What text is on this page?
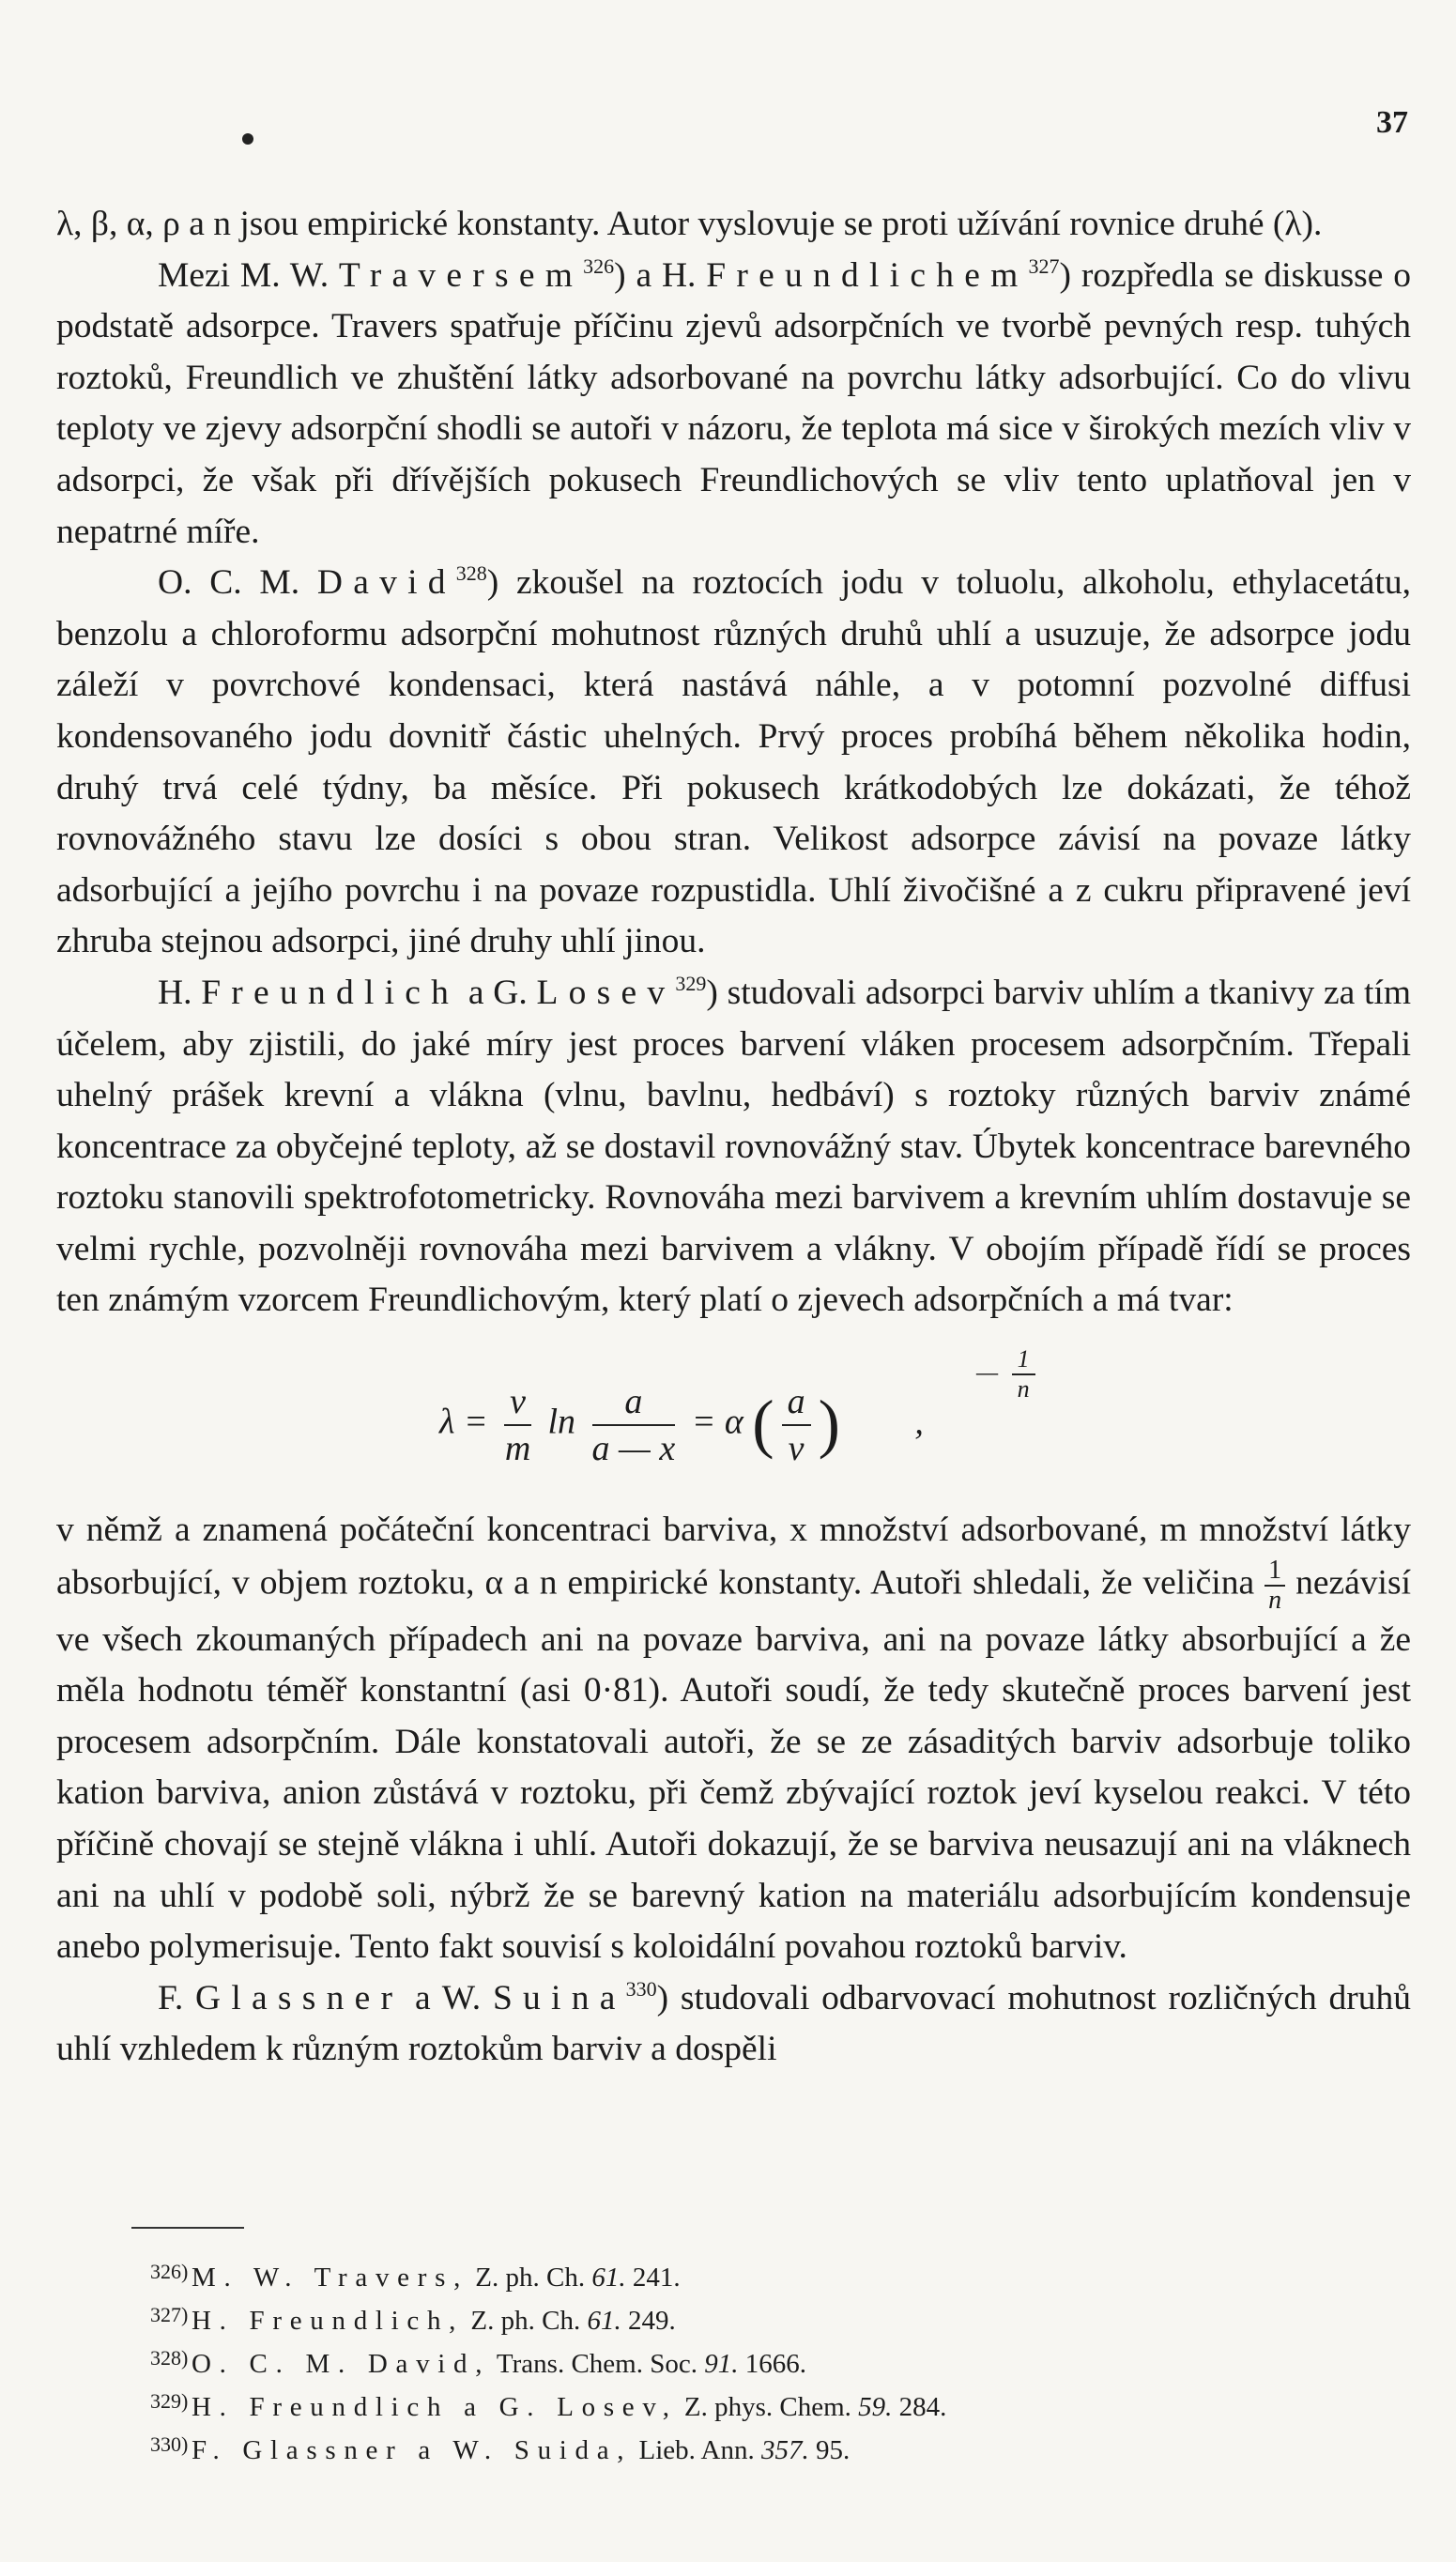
37

λ, β, α, ρ a n jsou empirické konstanty. Autor vyslovuje se proti užívání rovnice druhé (λ).

Mezi M. W. Traversem$^{326}$) a H. Freundlichem$^{327}$) rozpředla se diskusse o podstatě adsorpce. Travers spatřuje příčinu zjevů adsorpčních ve tvorbě pevných resp. tuhých roztoků, Freundlich ve zhuštění látky adsorbované na povrchu látky adsorbující. Co do vlivu teploty ve zjevy adsorpční shodli se autoři v názoru, že teplota má sice v širokých mezích vliv v adsorpci, že však při dřívějších pokusech Freundlichových se vliv tento uplatňoval jen v nepatrné míře.

O. C. M. David$^{328}$) zkoušel na roztocích jodu v toluolu, alkoholu, ethylacetátu, benzolu a chloroformu adsorpční mohutnost různých druhů uhlí a usuzuje, že adsorpce jodu záleží v povrchové kondensaci, která nastává náhle, a v potomní pozvolné diffusi kondensovaného jodu dovnitř částic uhelných. Prvý proces probíhá během několika hodin, druhý trvá celé týdny, ba měsíce. Při pokusech krátkodobých lze dokázati, že téhož rovnovážného stavu lze dosíci s obou stran. Velikost adsorpce závisí na povaze látky adsorbující a jejího povrchu i na povaze rozpustidla. Uhlí živočišné a z cukru připravené jeví zhruba stejnou adsorpci, jiné druhy uhlí jinou.

H. Freundlich a G. Losev$^{329}$) studovali adsorpci barviv uhlím a tkanivy za tím účelem, aby zjistili, do jaké míry jest proces barvení vláken procesem adsorpčním. Třepali uhelný prášek krevní a vlákna (vlnu, bavlnu, hedbáví) s roztoky různých barviv známé koncentrace za obyčejné teploty, až se dostavil rovnovážný stav. Úbytek koncentrace barevného roztoku stanovili spektrofotometricky. Rovnováha mezi barvivem a krevním uhlím dostavuje se velmi rychle, pozvolněji rovnováha mezi barvivem a vlákny. V obojím případě řídí se proces ten známým vzorcem Freundlichovým, který platí o zjevech adsorpčních a má tvar:

$\lambda = \frac{v}{m}$ $\ln \frac{a}{a — x} = \alpha$ ( $\frac{a}{v}$ )
— $\frac{1}{n}$
,

v němž a znamená počáteční koncentraci barviva, x množství adsorbované, m množství látky absorbující, v objem roztoku, α a n empirické konstanty. Autoři shledali, že veličina $\frac{1}{n}$ nezávisí ve všech zkoumaných případech ani na povaze barviva, ani na povaze látky absorbující a že měla hodnotu téměř konstantní (asi 0·81). Autoři soudí, že tedy skutečně proces barvení jest procesem adsorpčním. Dále konstatovali autoři, že se ze zásaditých barviv adsorbuje toliko kation barviva, anion zůstává v roztoku, při čemž zbývající roztok jeví kyselou reakci. V této příčině chovají se stejně vlákna i uhlí. Autoři dokazují, že se barviva neusazují ani na vláknech ani na uhlí v podobě soli, nýbrž že se barevný kation na materiálu adsorbujícím kondensuje anebo polymerisuje. Tento fakt souvisí s koloidální povahou roztoků barviv.

F. Glassner a W. Suina$^{330}$) studovali odbarvovací mohutnost rozličných druhů uhlí vzhledem k různým roztokům barviv a dospěli

326) M. W. Travers, Z. ph. Ch. 61. 241.

327) H. Freundlich, Z. ph. Ch. 61. 249.

328) O. C. M. David, Trans. Chem. Soc. 91. 1666.

329) H. Freundlich a G. Losev, Z. phys. Chem. 59. 284.

330) F. Glassner a W. Suida, Lieb. Ann. 357. 95.
